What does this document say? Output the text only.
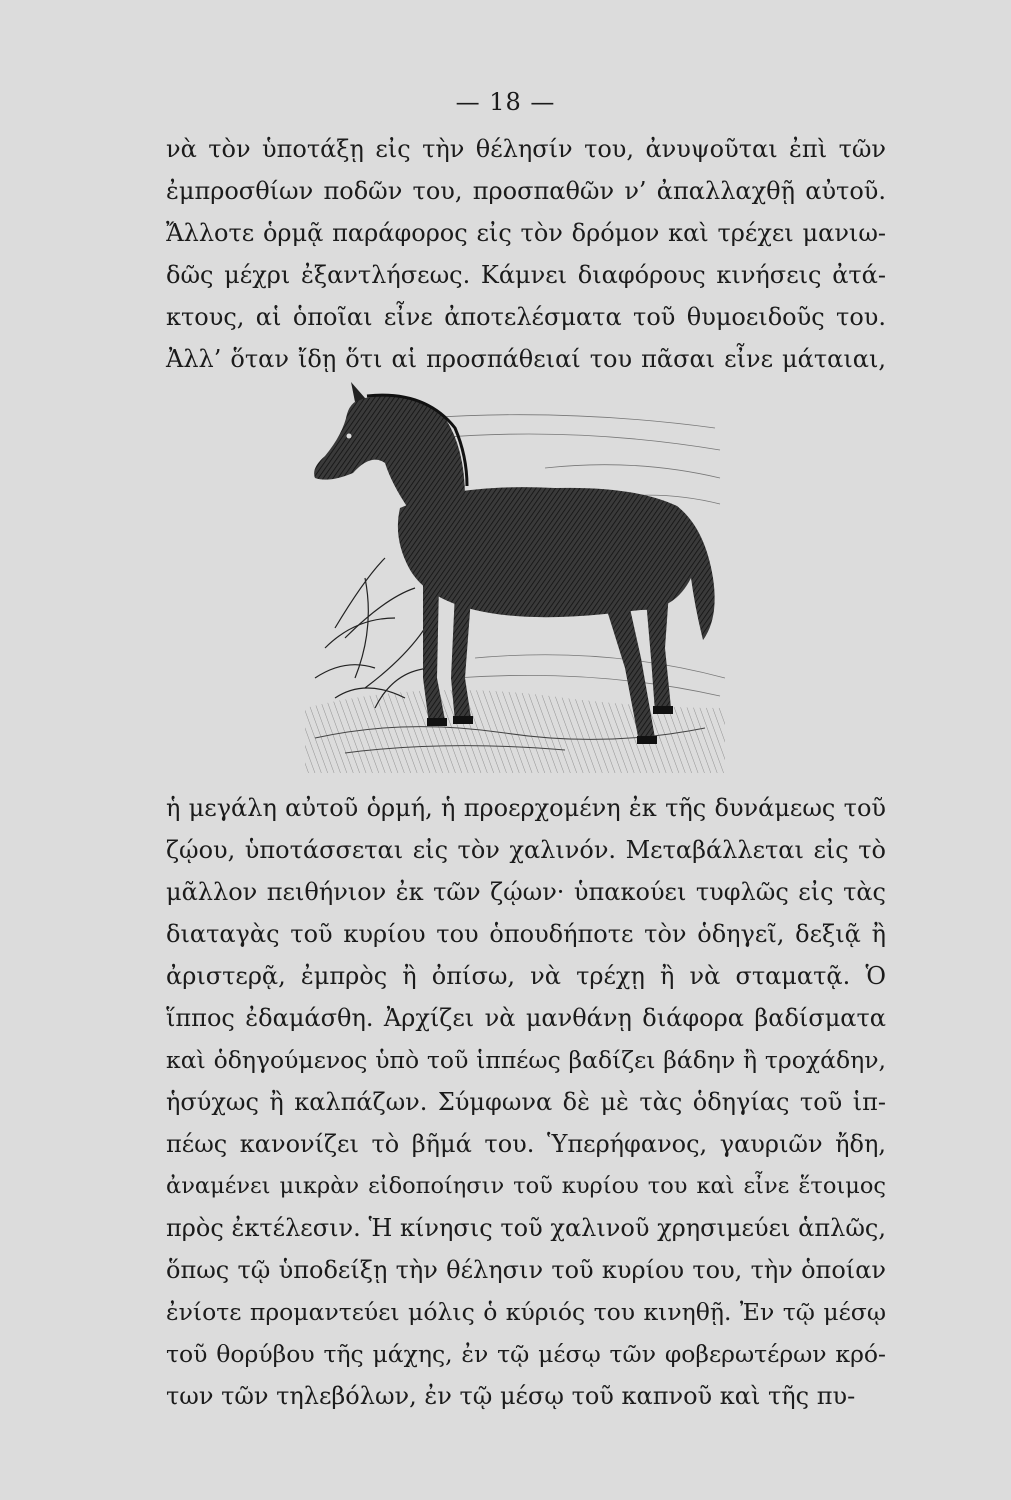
— 18 —
νὰ τὸν ὑποτάξῃ εἰς τὴν θέλησίν του, ἀνυψοῦται ἐπὶ τῶν
ἐμπροσθίων ποδῶν του, προσπαθῶν ν’ ἀπαλλαχθῇ αὐτοῦ.
Ἄλλοτε ὁρμᾷ παράφορος εἰς τὸν δρόμον καὶ τρέχει μανιω-
δῶς μέχρι ἐξαντλήσεως. Κάμνει διαφόρους κινήσεις ἀτά-
κτους, αἱ ὁποῖαι εἶνε ἀποτελέσματα τοῦ θυμοειδοῦς του.
Ἀλλ’ ὅταν ἴδῃ ὅτι αἱ προσπάθειαί του πᾶσαι εἶνε μάταιαι,
ἡ μεγάλη αὐτοῦ ὁρμή, ἡ προερχομένη ἐκ τῆς δυνάμεως τοῦ
ζῴου, ὑποτάσσεται εἰς τὸν χαλινόν. Μεταβάλλεται εἰς τὸ
μᾶλλον πειθήνιον ἐκ τῶν ζῴων· ὑπακούει τυφλῶς εἰς τὰς
διαταγὰς τοῦ κυρίου του ὁπουδήποτε τὸν ὁδηγεῖ, δεξιᾷ ἢ
ἀριστερᾷ, ἐμπρὸς ἢ ὀπίσω, νὰ τρέχῃ ἢ νὰ σταματᾷ. Ὁ
ἵππος ἐδαμάσθη. Ἀρχίζει νὰ μανθάνῃ διάφορα βαδίσματα
καὶ ὁδηγούμενος ὑπὸ τοῦ ἱππέως βαδίζει βάδην ἢ τροχάδην,
ἡσύχως ἢ καλπάζων. Σύμφωνα δὲ μὲ τὰς ὁδηγίας τοῦ ἱπ-
πέως κανονίζει τὸ βῆμά του. Ὑπερήφανος, γαυριῶν ἤδη,
ἀναμένει μικρὰν εἰδοποίησιν τοῦ κυρίου του καὶ εἶνε ἕτοιμος
πρὸς ἐκτέλεσιν. Ἡ κίνησις τοῦ χαλινοῦ χρησιμεύει ἁπλῶς,
ὅπως τῷ ὑποδείξῃ τὴν θέλησιν τοῦ κυρίου του, τὴν ὁποίαν
ἐνίοτε προμαντεύει μόλις ὁ κύριός του κινηθῇ. Ἐν τῷ μέσῳ
τοῦ θορύβου τῆς μάχης, ἐν τῷ μέσῳ τῶν φοβερωτέρων κρό-
των τῶν τηλεβόλων, ἐν τῷ μέσῳ τοῦ καπνοῦ καὶ τῆς πυ-
